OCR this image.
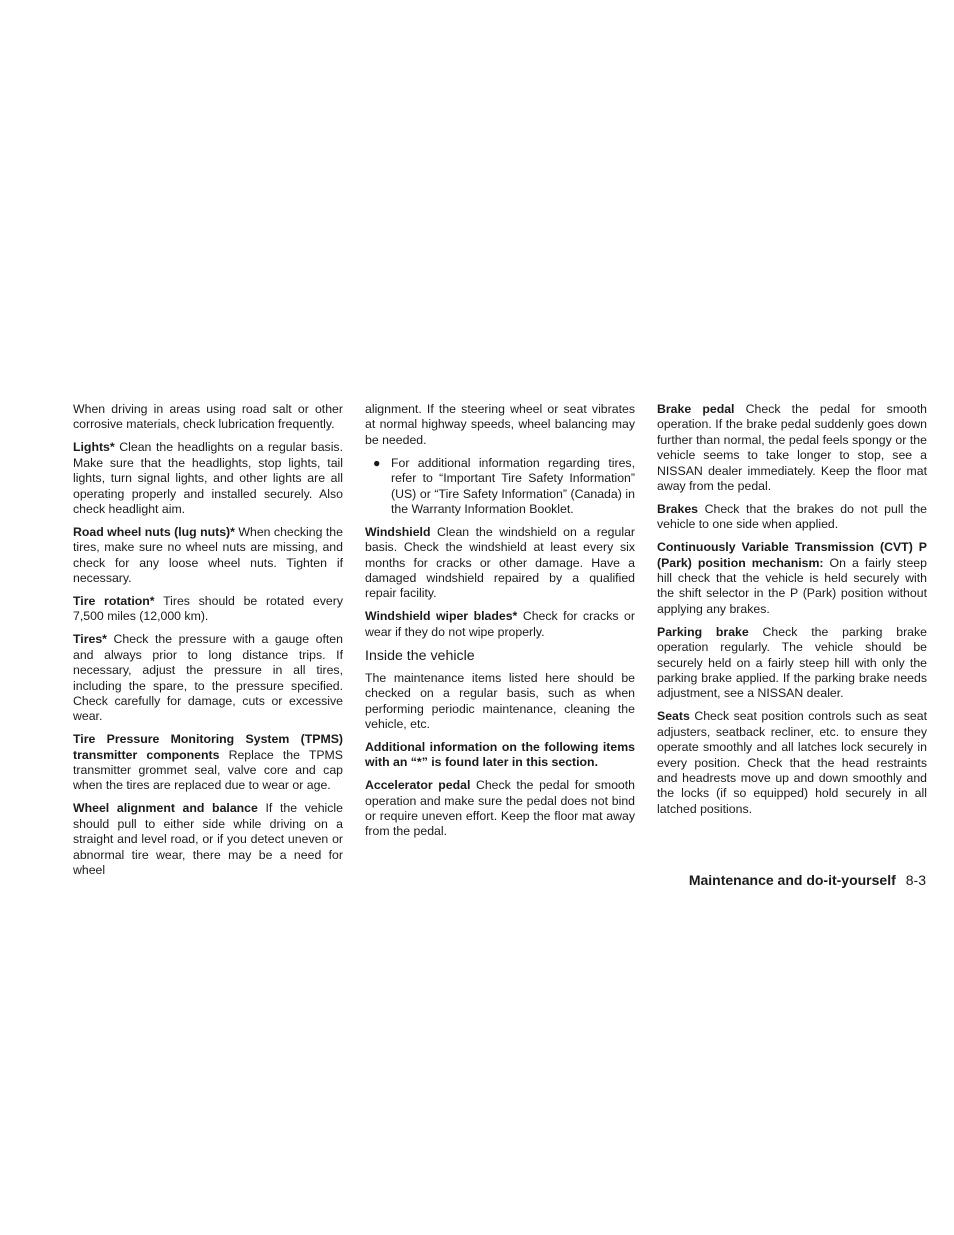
When driving in areas using road salt or other corrosive materials, check lubrication frequently.

Lights* Clean the headlights on a regular basis. Make sure that the headlights, stop lights, tail lights, turn signal lights, and other lights are all operating properly and installed securely. Also check headlight aim.

Road wheel nuts (lug nuts)* When checking the tires, make sure no wheel nuts are missing, and check for any loose wheel nuts. Tighten if necessary.

Tire rotation* Tires should be rotated every 7,500 miles (12,000 km).

Tires* Check the pressure with a gauge often and always prior to long distance trips. If necessary, adjust the pressure in all tires, including the spare, to the pressure specified. Check carefully for damage, cuts or excessive wear.

Tire Pressure Monitoring System (TPMS) transmitter components Replace the TPMS transmitter grommet seal, valve core and cap when the tires are replaced due to wear or age.

Wheel alignment and balance If the vehicle should pull to either side while driving on a straight and level road, or if you detect uneven or abnormal tire wear, there may be a need for wheel

alignment. If the steering wheel or seat vibrates at normal highway speeds, wheel balancing may be needed.

● For additional information regarding tires, refer to “Important Tire Safety Information” (US) or “Tire Safety Information” (Canada) in the Warranty Information Booklet.

Windshield Clean the windshield on a regular basis. Check the windshield at least every six months for cracks or other damage. Have a damaged windshield repaired by a qualified repair facility.

Windshield wiper blades* Check for cracks or wear if they do not wipe properly.

Inside the vehicle

The maintenance items listed here should be checked on a regular basis, such as when performing periodic maintenance, cleaning the vehicle, etc.

Additional information on the following items with an “*” is found later in this section.

Accelerator pedal Check the pedal for smooth operation and make sure the pedal does not bind or require uneven effort. Keep the floor mat away from the pedal.

Brake pedal Check the pedal for smooth operation. If the brake pedal suddenly goes down further than normal, the pedal feels spongy or the vehicle seems to take longer to stop, see a NISSAN dealer immediately. Keep the floor mat away from the pedal.

Brakes Check that the brakes do not pull the vehicle to one side when applied.

Continuously Variable Transmission (CVT) P (Park) position mechanism: On a fairly steep hill check that the vehicle is held securely with the shift selector in the P (Park) position without applying any brakes.

Parking brake Check the parking brake operation regularly. The vehicle should be securely held on a fairly steep hill with only the parking brake applied. If the parking brake needs adjustment, see a NISSAN dealer.

Seats Check seat position controls such as seat adjusters, seatback recliner, etc. to ensure they operate smoothly and all latches lock securely in every position. Check that the head restraints and headrests move up and down smoothly and the locks (if so equipped) hold securely in all latched positions.

Maintenance and do-it-yourself 8-3
